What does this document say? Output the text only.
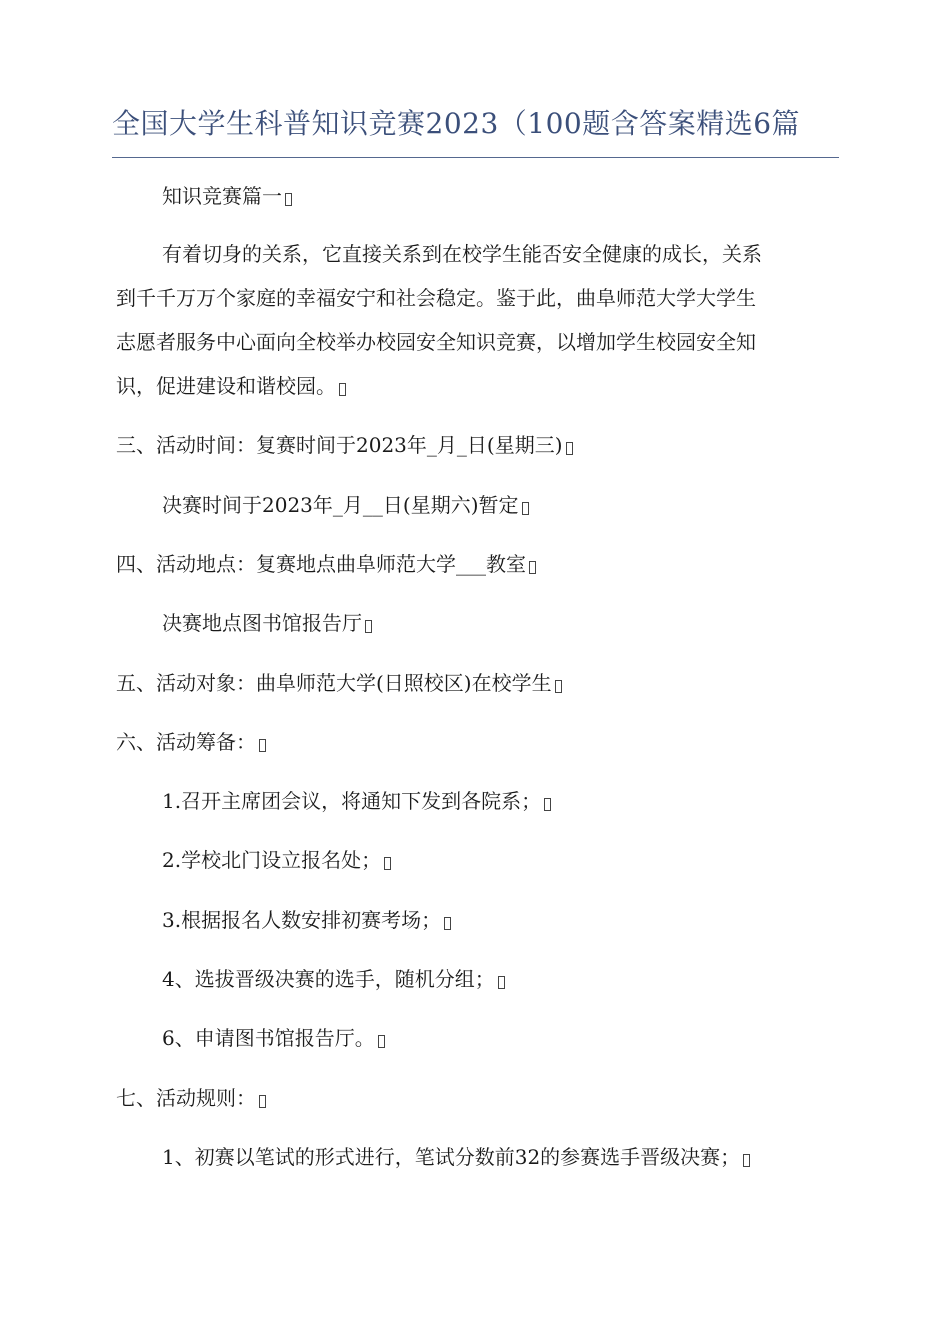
全国大学生科普知识竞赛2023（100题含答案精选6篇
知识竞赛篇一
有着切身的关系，它直接关系到在校学生能否安全健康的成长，关系
到千千万万个家庭的幸福安宁和社会稳定。鉴于此，曲阜师范大学大学生
志愿者服务中心面向全校举办校园安全知识竞赛，以增加学生校园安全知
识，促进建设和谐校园。
三、活动时间：复赛时间于2023年_月_日(星期三)
决赛时间于2023年_月__日(星期六)暂定
四、活动地点：复赛地点曲阜师范大学___教室
决赛地点图书馆报告厅
五、活动对象：曲阜师范大学(日照校区)在校学生
六、活动筹备：
1.召开主席团会议，将通知下发到各院系；
2.学校北门设立报名处；
3.根据报名人数安排初赛考场；
4、选拔晋级决赛的选手，随机分组；
6、申请图书馆报告厅。
七、活动规则：
1、初赛以笔试的形式进行，笔试分数前32的参赛选手晋级决赛；
